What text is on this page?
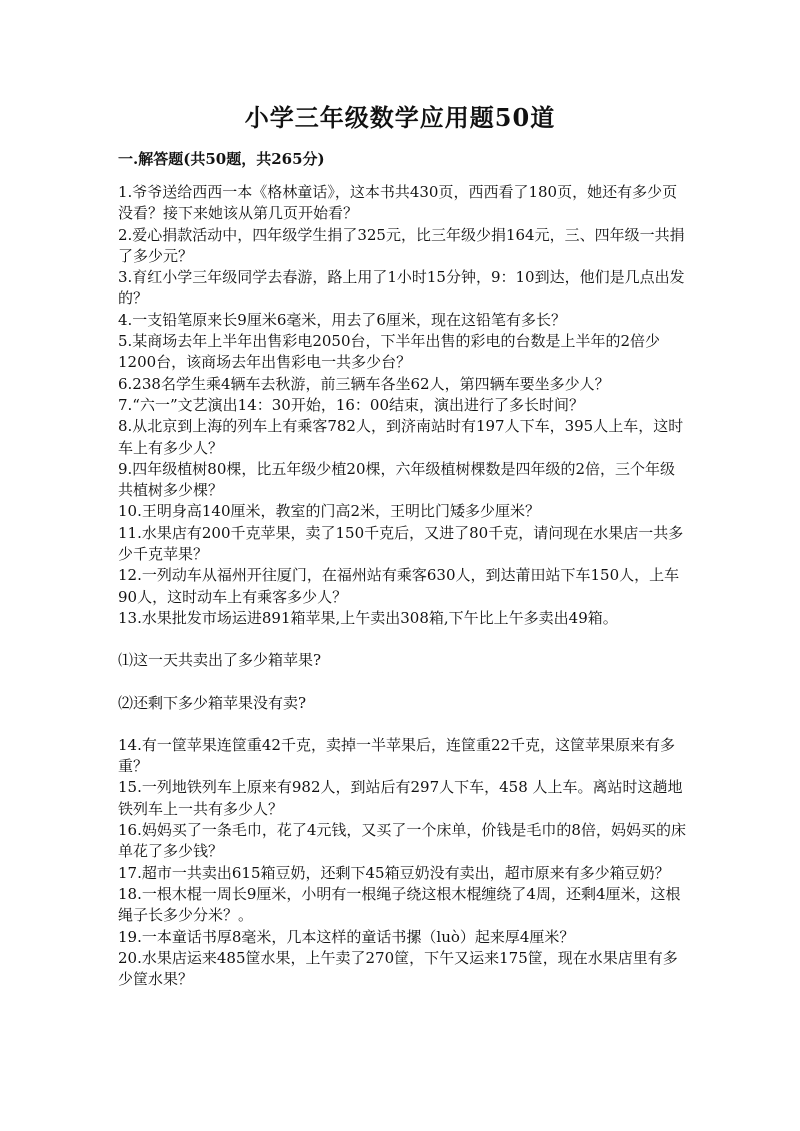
小学三年级数学应用题50道
一.解答题(共50题，共265分)

1.爷爷送给西西一本《格林童话》，这本书共430页，西西看了180页，她还有多少页没看？接下来她该从第几页开始看？

2.爱心捐款活动中，四年级学生捐了325元，比三年级少捐164元，三、四年级一共捐了多少元？

3.育红小学三年级同学去春游，路上用了1小时15分钟，9：10到达，他们是几点出发的？

4.一支铅笔原来长9厘米6毫米，用去了6厘米，现在这铅笔有多长？

5.某商场去年上半年出售彩电2050台，下半年出售的彩电的台数是上半年的2倍少1200台，该商场去年出售彩电一共多少台？

6.238名学生乘4辆车去秋游，前三辆车各坐62人，第四辆车要坐多少人？

7.“六一”文艺演出14：30开始，16：00结束，演出进行了多长时间？

8.从北京到上海的列车上有乘客782人，到济南站时有197人下车，395人上车，这时车上有多少人？

9.四年级植树80棵，比五年级少植20棵，六年级植树棵数是四年级的2倍，三个年级共植树多少棵？

10.王明身高140厘米，教室的门高2米，王明比门矮多少厘米？

11.水果店有200千克苹果，卖了150千克后，又进了80千克，请问现在水果店一共多少千克苹果？

12.一列动车从福州开往厦门，在福州站有乘客630人，到达莆田站下车150人，上车90人，这时动车上有乘客多少人？

13.水果批发市场运进891箱苹果,上午卖出308箱,下午比上午多卖出49箱。

⑴这一天共卖出了多少箱苹果?

⑵还剩下多少箱苹果没有卖?

14.有一筐苹果连筐重42千克，卖掉一半苹果后，连筐重22千克，这筐苹果原来有多重？

15.一列地铁列车上原来有982人，到站后有297人下车，458 人上车。离站时这趟地铁列车上一共有多少人？

16.妈妈买了一条毛巾，花了4元钱，又买了一个床单，价钱是毛巾的8倍，妈妈买的床单花了多少钱？

17.超市一共卖出615箱豆奶，还剩下45箱豆奶没有卖出，超市原来有多少箱豆奶？

18.一根木棍一周长9厘米，小明有一根绳子绕这根木棍缠绕了4周，还剩4厘米，这根绳子长多少分米？。

19.一本童话书厚8毫米，几本这样的童话书摞（luò）起来厚4厘米？

20.水果店运来485筐水果，上午卖了270筐，下午又运来175筐，现在水果店里有多少筐水果？
